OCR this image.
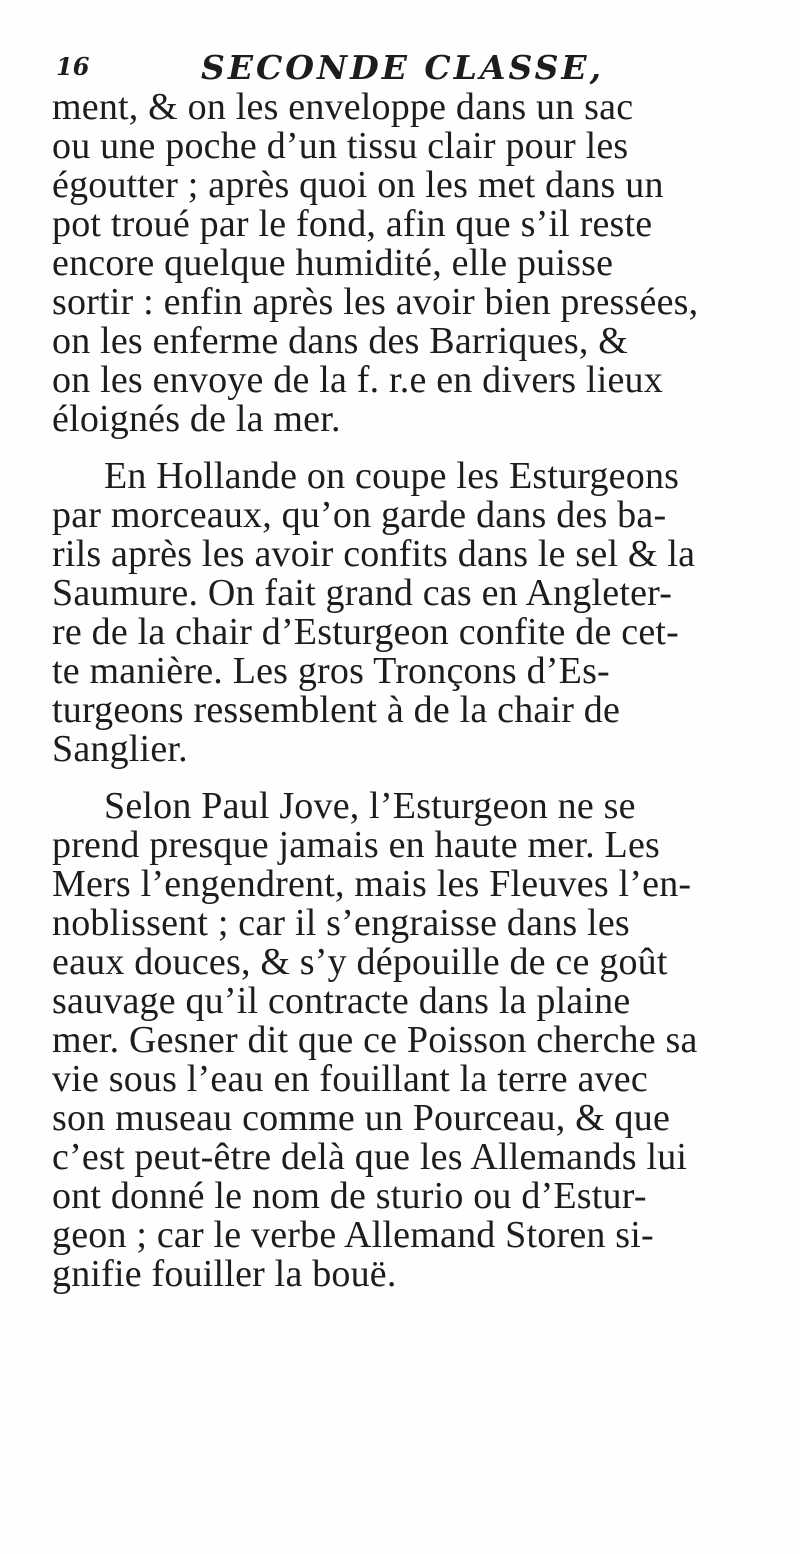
16	SECONDE CLASSE,
ment, & on les enveloppe dans un sac
ou une poche d’un tissu clair pour les
égoutter ; après quoi on les met dans un
pot troué par le fond, afin que s’il reste
encore quelque humidité, elle puisse
sortir : enfin après les avoir bien pressées,
on les enferme dans des Barriques, &
on les envoye de la f. r.e en divers lieux
éloignés de la mer.
En Hollande on coupe les Esturgeons
par morceaux, qu’on garde dans des ba-
rils après les avoir confits dans le sel & la
Saumure. On fait grand cas en Angleter-
re de la chair d’Esturgeon confite de cet-
te manière. Les gros Tronçons d’Es-
turgeons ressemblent à de la chair de
Sanglier.
Selon Paul Jove, l’Esturgeon ne se
prend presque jamais en haute mer. Les
Mers l’engendrent, mais les Fleuves l’en-
noblissent ; car il s’engraisse dans les
eaux douces, & s’y dépouille de ce goût
sauvage qu’il contracte dans la plaine
mer. Gesner dit que ce Poisson cherche sa
vie sous l’eau en fouillant la terre avec
son museau comme un Pourceau, & que
c’est peut-être delà que les Allemands lui
ont donné le nom de sturio ou d’Estur-
geon ; car le verbe Allemand Storen si-
gnifie fouiller la bouë.
